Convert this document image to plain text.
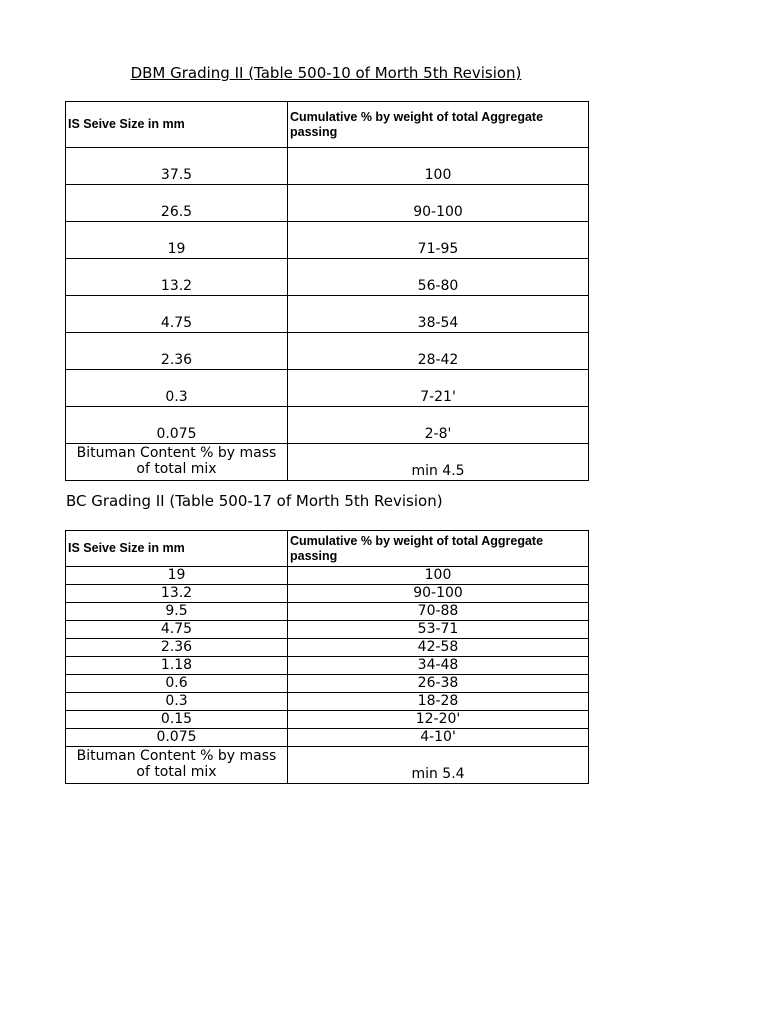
DBM Grading II (Table 500-10 of Morth 5th Revision)
IS Seive Size in mm	Cumulative % by weight of total Aggregate passing
37.5	100
26.5	90-100
19	71-95
13.2	56-80
4.75	38-54
2.36	28-42
0.3	7-21'
0.075	2-8'
Bituman Content % by mass of total mix	min 4.5
BC Grading II (Table 500-17 of Morth 5th Revision)
IS Seive Size in mm	Cumulative % by weight of total Aggregate passing
19	100
13.2	90-100
9.5	70-88
4.75	53-71
2.36	42-58
1.18	34-48
0.6	26-38
0.3	18-28
0.15	12-20'
0.075	4-10'
Bituman Content % by mass of total mix	min 5.4
